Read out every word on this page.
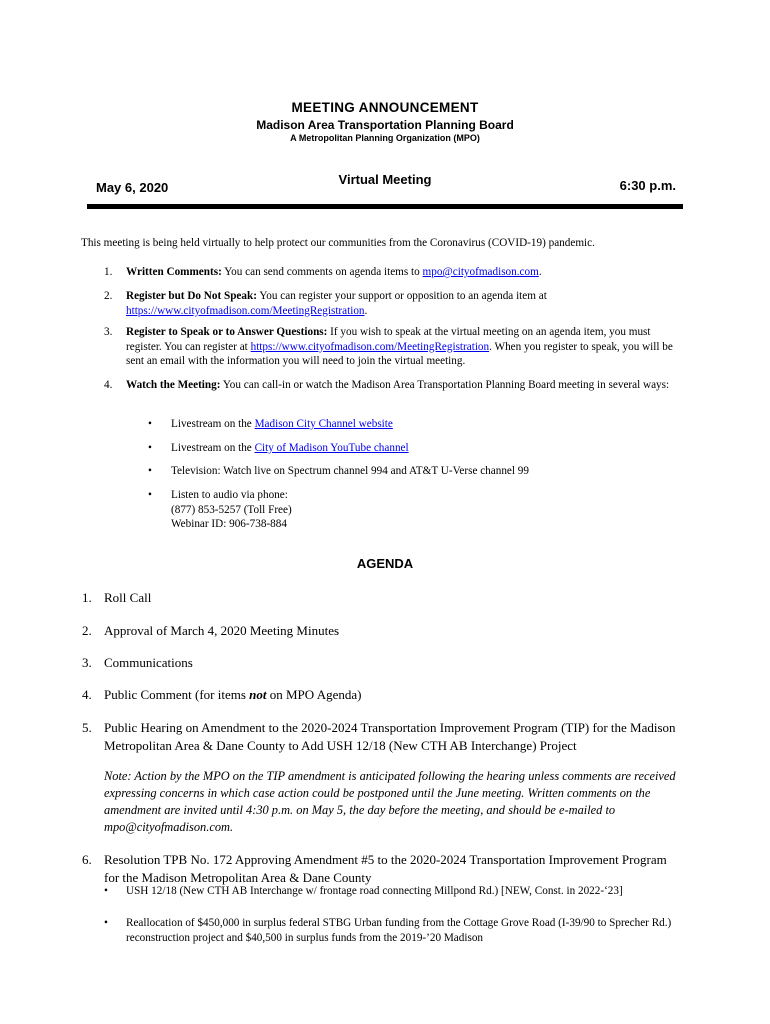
MEETING ANNOUNCEMENT
Madison Area Transportation Planning Board
A Metropolitan Planning Organization (MPO)
May 6, 2020
Virtual Meeting	6:30 p.m.
This meeting is being held virtually to help protect our communities from the Coronavirus (COVID-19) pandemic.
1. Written Comments: You can send comments on agenda items to mpo@cityofmadison.com.
2. Register but Do Not Speak: You can register your support or opposition to an agenda item at https://www.cityofmadison.com/MeetingRegistration.
3. Register to Speak or to Answer Questions: If you wish to speak at the virtual meeting on an agenda item, you must register. You can register at https://www.cityofmadison.com/MeetingRegistration. When you register to speak, you will be sent an email with the information you will need to join the virtual meeting.
4. Watch the Meeting: You can call-in or watch the Madison Area Transportation Planning Board meeting in several ways:
• Livestream on the Madison City Channel website
• Livestream on the City of Madison YouTube channel
• Television: Watch live on Spectrum channel 994 and AT&T U-Verse channel 99
• Listen to audio via phone:
(877) 853-5257 (Toll Free)
Webinar ID: 906-738-884
AGENDA
1. Roll Call
2. Approval of March 4, 2020 Meeting Minutes
3. Communications
4. Public Comment (for items not on MPO Agenda)
5. Public Hearing on Amendment to the 2020-2024 Transportation Improvement Program (TIP) for the Madison Metropolitan Area & Dane County to Add USH 12/18 (New CTH AB Interchange) Project
Note: Action by the MPO on the TIP amendment is anticipated following the hearing unless comments are received expressing concerns in which case action could be postponed until the June meeting. Written comments on the amendment are invited until 4:30 p.m. on May 5, the day before the meeting, and should be e-mailed to mpo@cityofmadison.com.
6. Resolution TPB No. 172 Approving Amendment #5 to the 2020-2024 Transportation Improvement Program for the Madison Metropolitan Area & Dane County
• USH 12/18 (New CTH AB Interchange w/ frontage road connecting Millpond Rd.) [NEW, Const. in 2022-‘23]
• Reallocation of $450,000 in surplus federal STBG Urban funding from the Cottage Grove Road (I-39/90 to Sprecher Rd.) reconstruction project and $40,500 in surplus funds from the 2019-’20 Madison
